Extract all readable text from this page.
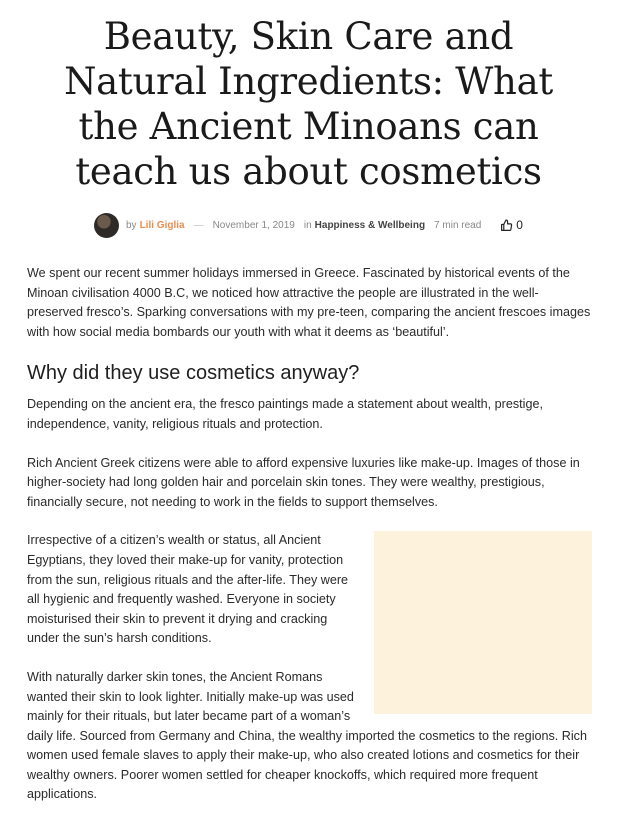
Beauty, Skin Care and Natural Ingredients: What the Ancient Minoans can teach us about cosmetics
by Lili Giglia — November 1, 2019 in Happiness & Wellbeing 7 min read	0

We spent our recent summer holidays immersed in Greece. Fascinated by historical events of the Minoan civilisation 4000 B.C, we noticed how attractive the people are illustrated in the well-preserved fresco’s. Sparking conversations with my pre-teen, comparing the ancient frescoes images with how social media bombards our youth with what it deems as ‘beautiful’.

Why did they use cosmetics anyway?

Depending on the ancient era, the fresco paintings made a statement about wealth, prestige, independence, vanity, religious rituals and protection.

Rich Ancient Greek citizens were able to afford expensive luxuries like make-up. Images of those in higher-society had long golden hair and porcelain skin tones. They were wealthy, prestigious, financially secure, not needing to work in the fields to support themselves.

Irrespective of a citizen’s wealth or status, all Ancient Egyptians, they loved their make-up for vanity, protection from the sun, religious rituals and the after-life. They were all hygienic and frequently washed. Everyone in society moisturised their skin to prevent it drying and cracking under the sun’s harsh conditions.

With naturally darker skin tones, the Ancient Romans wanted their skin to look lighter. Initially make-up was used mainly for their rituals, but later became part of a woman’s daily life. Sourced from Germany and China, the wealthy imported the cosmetics to the regions. Rich women used female slaves to apply their make-up, who also created lotions and cosmetics for their wealthy owners. Poorer women settled for cheaper knockoffs, which required more frequent applications.
